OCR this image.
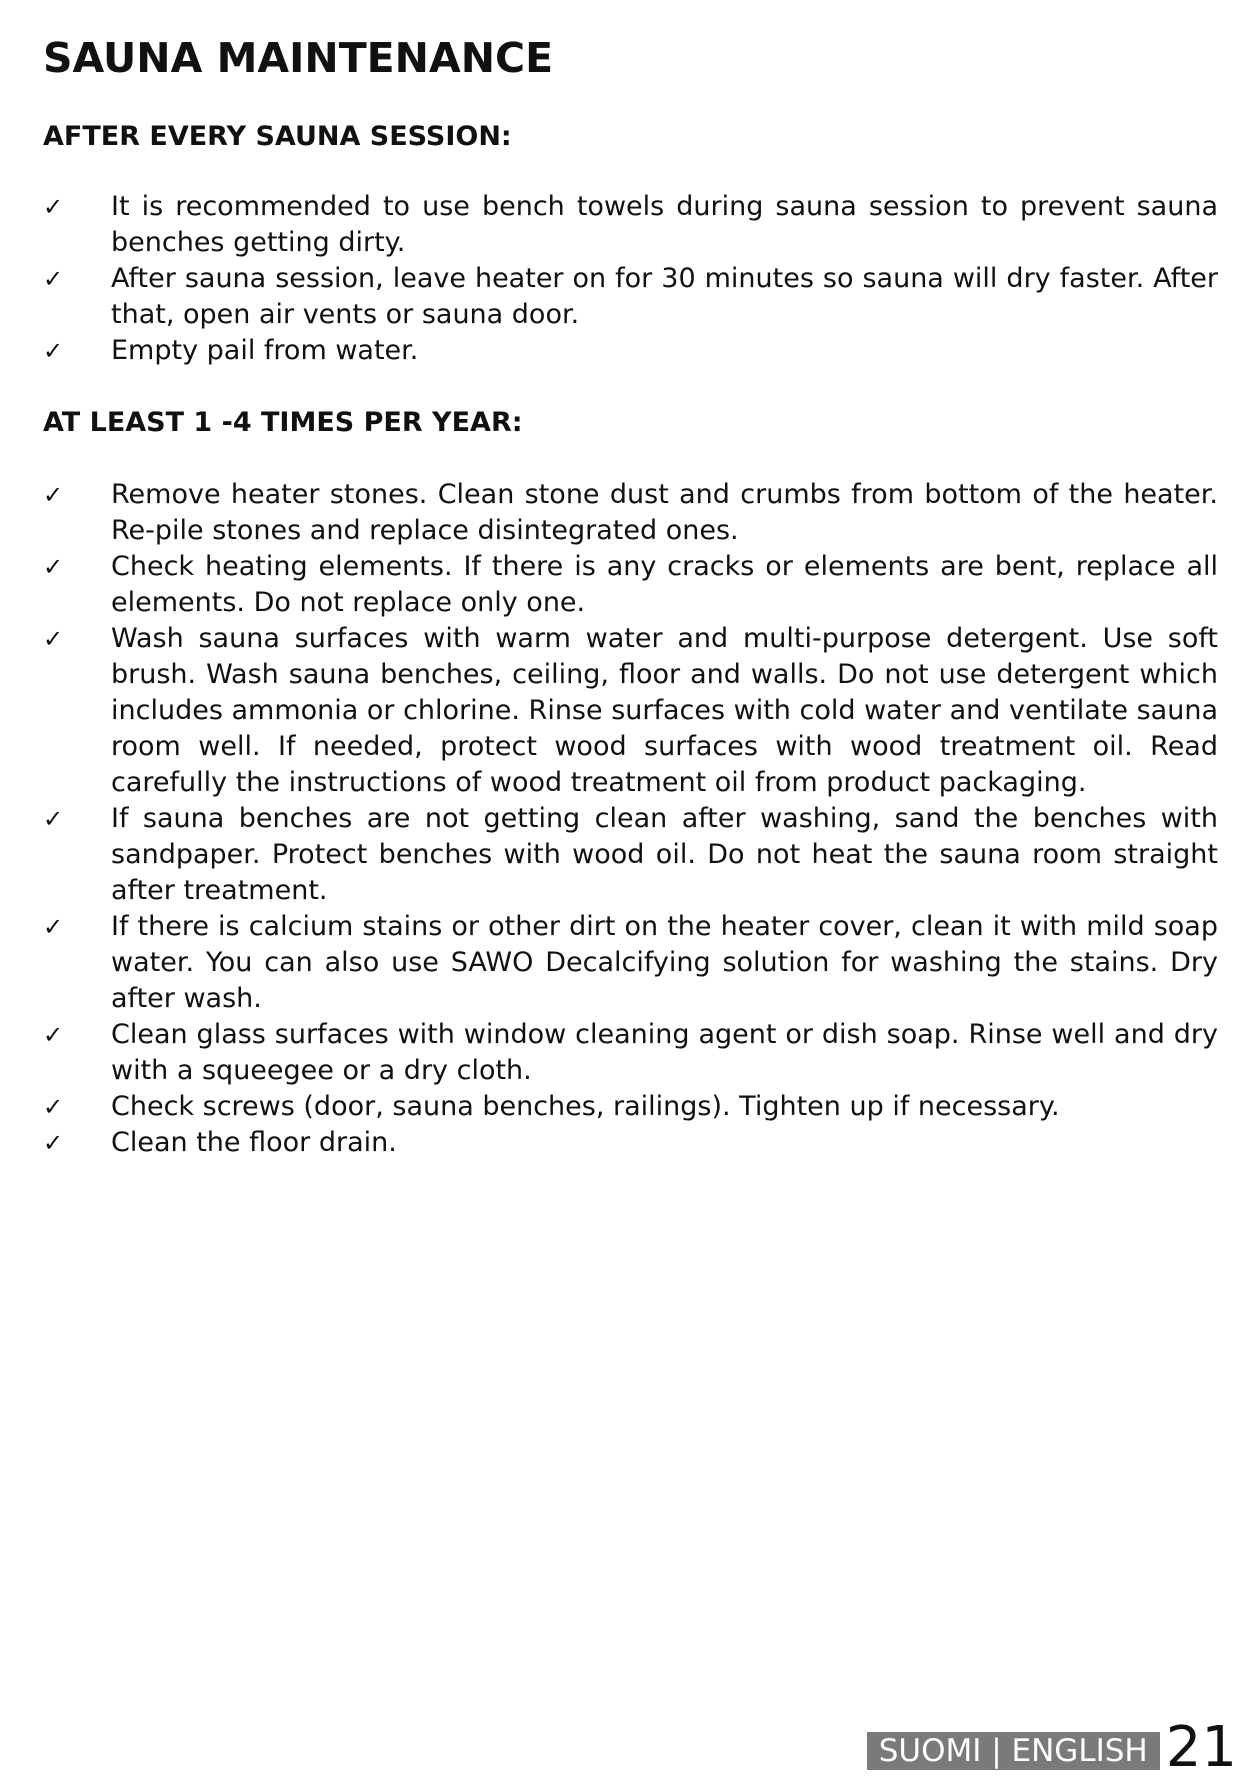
SAUNA MAINTENANCE
AFTER EVERY SAUNA SESSION:
✓	It is recommended to use bench towels during sauna session to prevent sauna benches getting dirty.
✓	After sauna session, leave heater on for 30 minutes so sauna will dry faster. After that, open air vents or sauna door.
✓	Empty pail from water.
AT LEAST 1 -4 TIMES PER YEAR:
✓	Remove heater stones. Clean stone dust and crumbs from bottom of the heater. Re-pile stones and replace disintegrated ones.
✓	Check heating elements. If there is any cracks or elements are bent, replace all elements. Do not replace only one.
✓	Wash sauna surfaces with warm water and multi-purpose detergent. Use soft brush. Wash sauna benches, ceiling, floor and walls. Do not use detergent which includes ammonia or chlorine. Rinse surfaces with cold water and ventilate sauna room well. If needed, protect wood surfaces with wood treatment oil. Read carefully the instructions of wood treatment oil from product packaging.
✓	If sauna benches are not getting clean after washing, sand the benches with sandpaper. Protect benches with wood oil. Do not heat the sauna room straight after treatment.
✓	If there is calcium stains or other dirt on the heater cover, clean it with mild soap water. You can also use SAWO Decalcifying solution for washing the stains. Dry after wash.
✓	Clean glass surfaces with window cleaning agent or dish soap. Rinse well and dry with a squeegee or a dry cloth.
✓	Check screws (door, sauna benches, railings). Tighten up if necessary.
✓	Clean the floor drain.
SUOMI | ENGLISH 21
